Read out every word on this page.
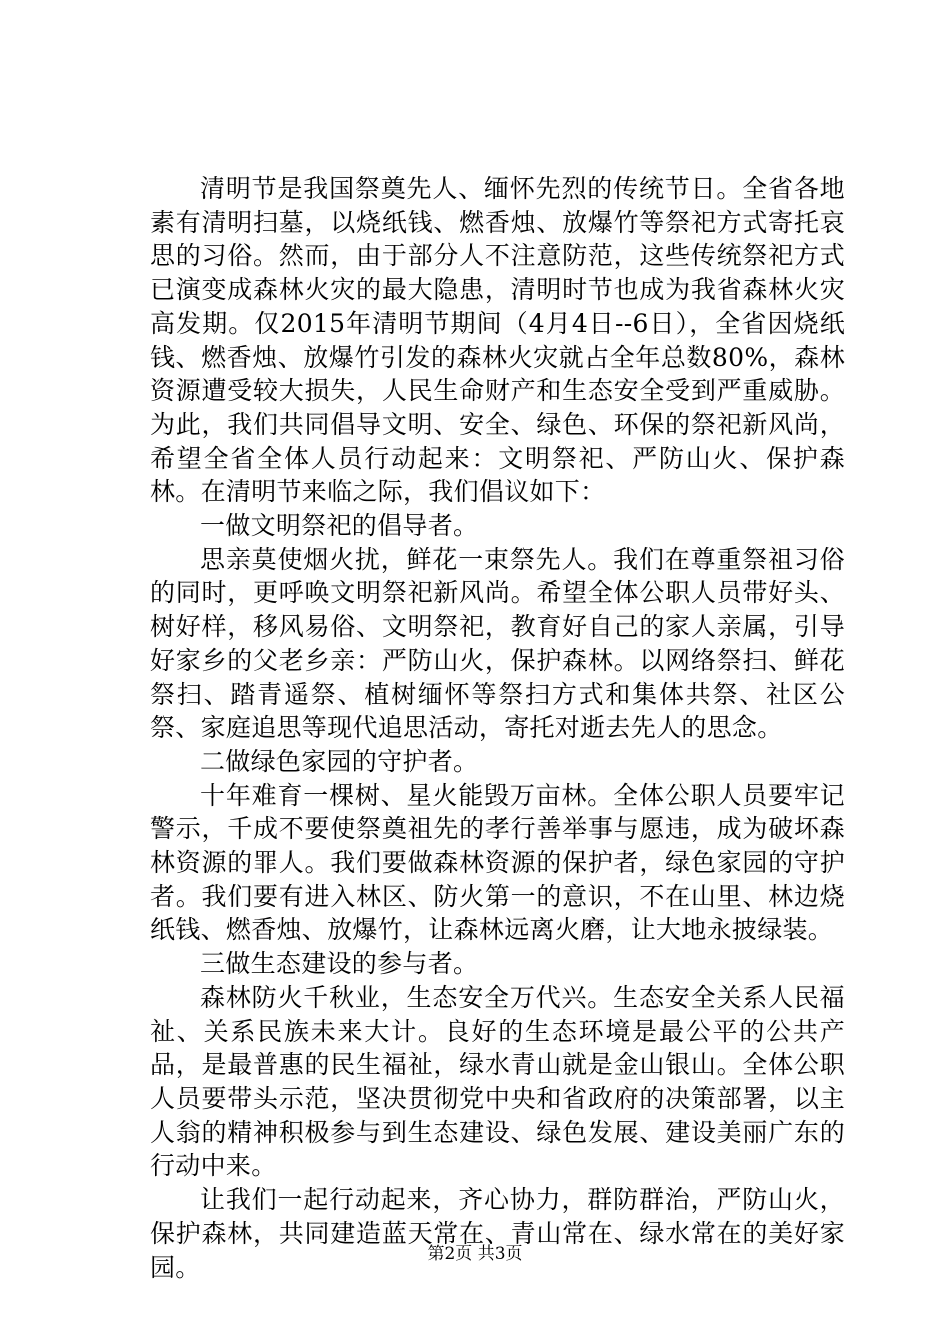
清明节是我国祭奠先人、缅怀先烈的传统节日。全省各地素有清明扫墓，以烧纸钱、燃香烛、放爆竹等祭祀方式寄托哀思的习俗。然而，由于部分人不注意防范，这些传统祭祀方式已演变成森林火灾的最大隐患，清明时节也成为我省森林火灾高发期。仅2015年清明节期间（4月4日--6日），全省因烧纸钱、燃香烛、放爆竹引发的森林火灾就占全年总数80%，森林资源遭受较大损失，人民生命财产和生态安全受到严重威胁。为此，我们共同倡导文明、安全、绿色、环保的祭祀新风尚，希望全省全体人员行动起来：文明祭祀、严防山火、保护森林。在清明节来临之际，我们倡议如下：

一做文明祭祀的倡导者。

思亲莫使烟火扰，鲜花一束祭先人。我们在尊重祭祖习俗的同时，更呼唤文明祭祀新风尚。希望全体公职人员带好头、树好样，移风易俗、文明祭祀，教育好自己的家人亲属，引导好家乡的父老乡亲：严防山火，保护森林。以网络祭扫、鲜花祭扫、踏青遥祭、植树缅怀等祭扫方式和集体共祭、社区公祭、家庭追思等现代追思活动，寄托对逝去先人的思念。

二做绿色家园的守护者。

十年难育一棵树、星火能毁万亩林。全体公职人员要牢记警示，千成不要使祭奠祖先的孝行善举事与愿违，成为破坏森林资源的罪人。我们要做森林资源的保护者，绿色家园的守护者。我们要有进入林区、防火第一的意识，不在山里、林边烧纸钱、燃香烛、放爆竹，让森林远离火磨，让大地永披绿装。

三做生态建设的参与者。

森林防火千秋业，生态安全万代兴。生态安全关系人民福祉、关系民族未来大计。良好的生态环境是最公平的公共产品，是最普惠的民生福祉，绿水青山就是金山银山。全体公职人员要带头示范，坚决贯彻党中央和省政府的决策部署，以主人翁的精神积极参与到生态建设、绿色发展、建设美丽广东的行动中来。

让我们一起行动起来，齐心协力，群防群治，严防山火，保护森林，共同建造蓝天常在、青山常在、绿水常在的美好家园。	第2页 共3页
